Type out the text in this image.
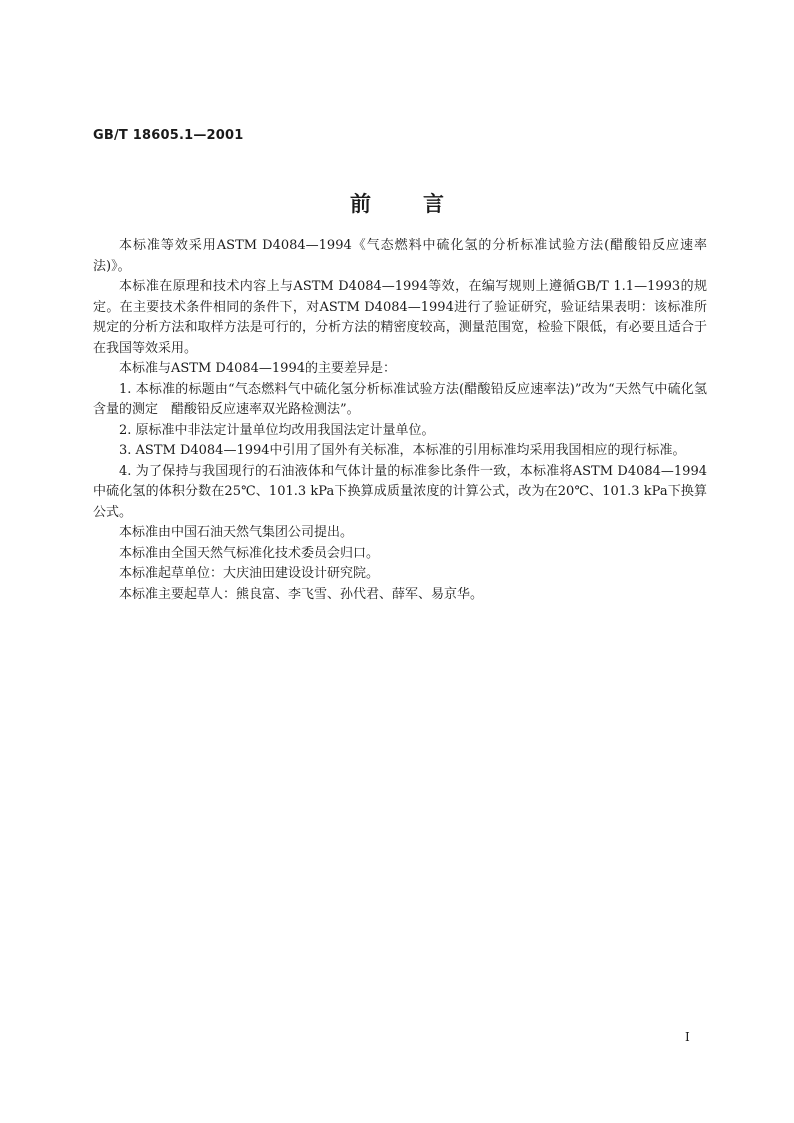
GB/T 18605.1—2001

前 言

本标准等效采用ASTM D4084—1994《气态燃料中硫化氢的分析标准试验方法(醋酸铅反应速率法)》。

本标准在原理和技术内容上与ASTM D4084—1994等效，在编写规则上遵循GB/T 1.1—1993的规定。在主要技术条件相同的条件下，对ASTM D4084—1994进行了验证研究，验证结果表明：该标准所规定的分析方法和取样方法是可行的，分析方法的精密度较高，测量范围宽，检验下限低，有必要且适合于在我国等效采用。

本标准与ASTM D4084—1994的主要差异是：

1. 本标准的标题由“气态燃料气中硫化氢分析标准试验方法(醋酸铅反应速率法)”改为“天然气中硫化氢含量的测定　醋酸铅反应速率双光路检测法”。

2. 原标准中非法定计量单位均改用我国法定计量单位。

3. ASTM D4084—1994中引用了国外有关标准，本标准的引用标准均采用我国相应的现行标准。

4. 为了保持与我国现行的石油液体和气体计量的标准参比条件一致，本标准将ASTM D4084—1994中硫化氢的体积分数在25℃、101.3 kPa下换算成质量浓度的计算公式，改为在20℃、101.3 kPa下换算公式。

本标准由中国石油天然气集团公司提出。

本标准由全国天然气标准化技术委员会归口。

本标准起草单位：大庆油田建设设计研究院。

本标准主要起草人：熊良富、李飞雪、孙代君、薛军、易京华。

I
